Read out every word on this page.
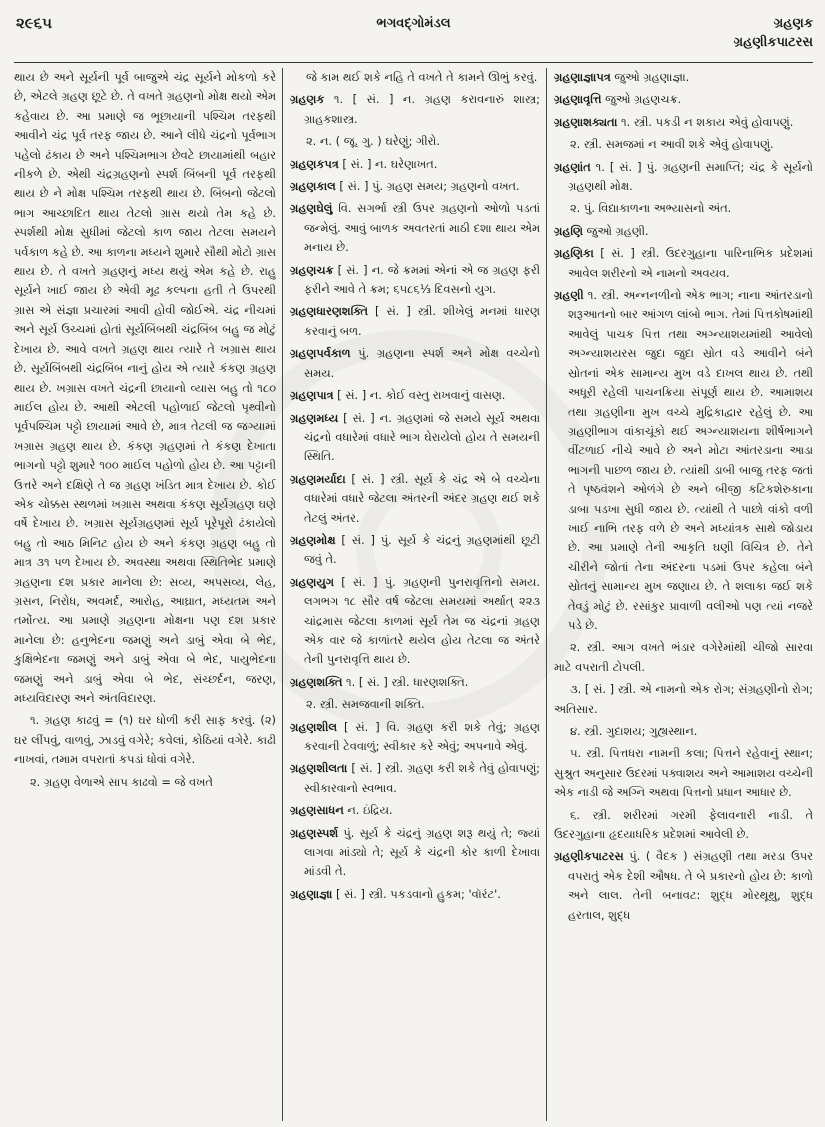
૨૯૬૫	ભગવદ્ગોમંડલ	ગ્રહણક
ગ્રહણીકપાટરસ

થાય છે અને સૂર્યની પૂર્વ બાજુએ ચંદ્ર સૂર્યને મોકળો કરે છે, એટલે ગ્રહણ છૂટે છે. તે વખતે ગ્રહણનો મોક્ષ થયો એમ કહેવાય છે. આ પ્રમાણે જ ભૂછાયાની પશ્ચિમ તરફથી આવીને ચંદ્ર પૂર્વ તરફ જાય છે. આને લીધે ચંદ્રનો પૂર્વભાગ પહેલો ઢંકાય છે અને પશ્ચિમભાગ છેવટે છાયામાંથી બહાર નીકળે છે. એથી ચંદ્રગ્રહણનો સ્પર્શ બિંબની પૂર્વ તરફથી થાય છે ને મોક્ષ પશ્ચિમ તરફથી થાય છે. બિંબનો જેટલો ભાગ આચ્છાદિત થાય તેટલો ગ્રાસ થયો તેમ કહે છે. સ્પર્શથી મોક્ષ સુધીમાં જેટલો કાળ જાય તેટલા સમયને પર્વકાળ કહે છે. આ કાળના મધ્યને શુમારે સૌથી મોટો ગ્રાસ થાય છે. તે વખતે ગ્રહણનું મધ્ય થયું એમ કહે છે. રાહુ સૂર્યને ખાઈ જાય છે એવી મૂઢ કલ્પના હતી તે ઉપરથી ગ્રાસ એ સંજ્ઞા પ્રચારમાં આવી હોવી જોઈએ. ચંદ્ર નીચમાં અને સૂર્ય ઉચ્ચમાં હોતાં સૂર્યબિંબથી ચંદ્રબિંબ બહુ જ મોટું દેખાય છે. આવે વખતે ગ્રહણ થાય ત્યારે તે ખગ્રાસ થાય છે. સૂર્યબિંબથી ચંદ્રબિંબ નાનું હોય એ ત્યારે કંકણ ગ્રહણ થાય છે. ખગ્રાસ વખતે ચંદ્રની છાયાનો વ્યાસ બહુ તો ૧૮૦ માઈલ હોય છે. આથી એટલી પહોળાઈ જેટલો પૃથ્વીનો પૂર્વપશ્ચિમ પટ્ટો છાયામાં આવે છે, માત્ર તેટલી જ જગ્યામાં ખગ્રાસ ગ્રહણ થાય છે. કંકણ ગ્રહણમાં તે કંકણ દેખાતા ભાગનો પટ્ટો શુમારે ૧૦૦ માઈલ પહોળો હોય છે. આ પટ્ટાની ઉત્તરે અને દક્ષિણે તે જ ગ્રહણ ખંડિત માત્ર દેખાય છે. કોઈ એક ચોક્કસ સ્થળમાં ખગ્રાસ અથવા કંકણ સૂર્યગ્રહણ ઘણે વર્ષે દેખાય છે. ખગ્રાસ સૂર્યગ્રહણમાં સૂર્ય પૂરેપૂરો ઢંકાયેલો બહુ તો આઠ મિનિટ હોય છે અને કંકણ ગ્રહણ બહુ તો માત્ર ૩૧ પળ દેખાય છે. અવસ્થા અથવા સ્થિતિભેદ પ્રમાણે ગ્રહણના દશ પ્રકાર માનેલા છે: સવ્ય, અપસવ્ય, લેહ, ગ્રસન, નિરોધ, અવમર્દ, આરોહ, આઘ્રાત, મધ્યતમ અને તમોંત્ય. આ પ્રમાણે ગ્રહણના મોક્ષના પણ દશ પ્રકાર માનેલા છે: હનુભેદના જમણું અને ડાબું એવા બે ભેદ, કુક્ષિભેદના જમણું અને ડાબું એવા બે ભેદ, પાયુભેદના જમણું અને ડાબું એવા બે ભેદ, સંચ્છર્દન, જરણ, મધ્યવિદારણ અને અંતવિદારણ.

૧. ગ્રહણ કાઢવું = (૧) ઘર ધોળી કરી સાફ કરવું. (૨) ઘર લીંપવું, વાળવું, ઝાડવું વગેરે; કવેલાં, કોઠિયાં વગેરે. કાઢી નાખવાં, તમામ વપરાતાં કપડાં ધોવાં વગેરે.

૨. ગ્રહણ વેળાએ સાપ કાઢવો = જે વખતે

જે કામ થઈ શકે નહિ તે વખતે તે કામને ઊભું કરવું.

ગ્રહણક ૧. [ સં. ] ન. ગ્રહણ કરાવનારું શાસ્ત્ર; ગ્રાહકશાસ્ત્ર.

૨. ન. ( જૂ. ગુ. ) ઘરેણું; ગીરો.

ગ્રહણકપત્ર [ સં. ] ન. ઘરેણાખત.

ગ્રહણકાલ [ સં. ] પું. ગ્રહણ સમય; ગ્રહણનો વખત.

ગ્રહણઘેલું વિ. સગર્ભા સ્ત્રી ઉપર ગ્રહણનો ઓળો પડતાં જન્મેલું. આવું બાળક અવતરતાં માઠી દશા થાય એમ મનાય છે.

ગ્રહણચક્ર [ સં. ] ન. જે ક્રમમાં એનાં એ જ ગ્રહણ ફરી ફરીને આવે તે ક્રમ; ૬૫૮૬⅓ દિવસનો યુગ.

ગ્રહણધારણશક્તિ [ સં. ] સ્ત્રી. શીખેલું મનમાં ધારણ કરવાનું બળ.

ગ્રહણપર્વકાળ પું. ગ્રહણના સ્પર્શ અને મોક્ષ વચ્ચેનો સમય.

ગ્રહણપાત્ર [ સં. ] ન. કોઈ વસ્તુ રાખવાનું વાસણ.

ગ્રહણમધ્ય [ સં. ] ન. ગ્રહણમાં જે સમયે સૂર્ય અથવા ચંદ્રનો વધારેમાં વધારે ભાગ ઘેરાયેલો હોય તે સમયની સ્થિતિ.

ગ્રહણમર્યાદા [ સં. ] સ્ત્રી. સૂર્ય કે ચંદ્ર એ બે વચ્ચેના વધારેમાં વધારે જેટલા અંતરની અંદર ગ્રહણ થઈ શકે તેટલું અંતર.

ગ્રહણમોક્ષ [ સં. ] પું. સૂર્ય કે ચંદ્રનું ગ્રહણમાંથી છૂટી જવું તે.

ગ્રહણયુગ [ સં. ] પું. ગ્રહણની પુનરાવૃત્તિનો સમય. લગભગ ૧૮ સૌર વર્ષ જેટલા સમયમાં અર્થાત્ ૨૨૩ ચાંદ્રમાસ જેટલા કાળમાં સૂર્ય તેમ જ ચંદ્રનાં ગ્રહણ એક વાર જે કાળાંતરે થયેલ હોય તેટલા જ અંતરે તેની પુનરાવૃત્તિ થાય છે.

ગ્રહણશક્તિ ૧. [ સં. ] સ્ત્રી. ધારણશક્તિ.

૨. સ્ત્રી. સમજવાની શક્તિ.

ગ્રહણશીલ [ સં. ] વિ. ગ્રહણ કરી શકે તેવું; ગ્રહણ કરવાની ટેવવાળું; સ્વીકાર કરે એવું; અપનાવે એવું.

ગ્રહણશીલતા [ સં. ] સ્ત્રી. ગ્રહણ કરી શકે તેવું હોવાપણું; સ્વીકારવાનો સ્વભાવ.

ગ્રહણસાધન ન. ઇંદ્રિય.

ગ્રહણસ્પર્શ પું. સૂર્ય કે ચંદ્રનું ગ્રહણ શરૂ થયું તે; જ્યાં લાગવા માંડ્યો તે; સૂર્ય કે ચંદ્રની કોર કાળી દેખાવા માંડવી તે.

ગ્રહણાજ્ઞા [ સં. ] સ્ત્રી. પકડવાનો હુકમ; 'વૉરંટ'.

ગ્રહણાજ્ઞાપત્ર જુઓ ગ્રહણાજ્ઞા.

ગ્રહણાવૃત્તિ જુઓ ગ્રહણચક્ર.

ગ્રહણાશક્યતા ૧. સ્ત્રી. પકડી ન શકાય એવું હોવાપણું.

૨. સ્ત્રી. સમજમાં ન આવી શકે એવું હોવાપણું.

ગ્રહણાંત ૧. [ સં. ] પું. ગ્રહણની સમાપ્તિ; ચંદ્ર કે સૂર્યનો ગ્રહણથી મોક્ષ.

૨. પું. વિદ્યાકાળના અભ્યાસનો અંત.

ગ્રહણિ જુઓ ગ્રહણી.

ગ્રહણિકા [ સં. ] સ્ત્રી. ઉદરગુહાના પારિનાભિક પ્રદેશમાં આવેલ શરીરનો એ નામનો અવયવ.

ગ્રહણી ૧. સ્ત્રી. અન્નનળીનો એક ભાગ; નાના આંતરડાનો શરૂઆતનો બાર આંગળ લાંબો ભાગ. તેમાં પિત્તકોષમાંથી આવેલું પાચક પિત્ત તથા અગ્ન્યાશયમાંથી આવેલો અગ્ન્યાશયરસ જુદા જુદા સ્રોત વડે આવીને બંને સ્રોતનાં એક સામાન્ય મુખ વડે દાખલ થાય છે. તથી અધૂરી રહેલી પાચનક્રિયા સંપૂર્ણ થાય છે. આમાશય તથા ગ્રહણીના મુખ વચ્ચે મુદ્રિકાદ્વાર રહેલું છે. આ ગ્રહણીભાગ વાંકાચૂંકો થઈ અગ્ન્યાશયના શીર્ષભાગને વીંટળાઈ નીચે આવે છે અને મોટા આંતરડાના આડા ભાગની પાછળ જાય છે. ત્યાંથી ડાબી બાજુ તરફ જતાં તે પૃષ્ઠવંશને ઓળંગે છે અને બીજી કટિકશેરુકાના ડાબા પડખા સુધી જાય છે. ત્યાંથી તે પાછો વાંકો વળી ખાઈ નાભિ તરફ વળે છે અને મધ્યાંત્રક સાથે જોડાય છે. આ પ્રમાણે તેની આકૃતિ ઘણી વિચિત્ર છે. તેને ચીરીને જોતાં તેના અંદરના પડમાં ઉપર કહેલા બંને સ્રોતનું સામાન્ય મુખ જણાય છે. તે શલાકા જઈ શકે તેવડું મોટું છે. રસાંકુર પ્રાવાળી વલીઓ પણ ત્યાં નજરે પડે છે.

૨. સ્ત્રી. આગ વખતે ભંડાર વગેરેમાંથી ચીજો સારવા માટે વપરાતી ટોપલી.

૩. [ સં. ] સ્ત્રી. એ નામનો એક રોગ; સંગ્રહણીનો રોગ; અતિસાર.

૪. સ્ત્રી. ગુદાશય; ગુહ્યસ્થાન.

૫. સ્ત્રી. પિત્તધરા નામની કલા; પિત્તને રહેવાનું સ્થાન; સુશ્રુત અનુસાર ઉદરમાં પક્વાશય અને આમાશય વચ્ચેની એક નાડી જે અગ્નિ અથવા પિત્તનો પ્રધાન આધાર છે.

૬. સ્ત્રી. શરીરમાં ગરમી ફેલાવનારી નાડી. તે ઉદરગુહાના હૃદયાધરિક પ્રદેશમાં આવેલી છે.

ગ્રહણીકપાટરસ પું. ( વૈદક ) સંગ્રહણી તથા મરડા ઉપર વપરાતું એક દેશી ઔષધ. તે બે પ્રકારનો હોય છે: કાળો અને લાલ. તેની બનાવટ: શુદ્ધ મોરથૂથુ, શુદ્ધ હરતાલ, શુદ્ધ
